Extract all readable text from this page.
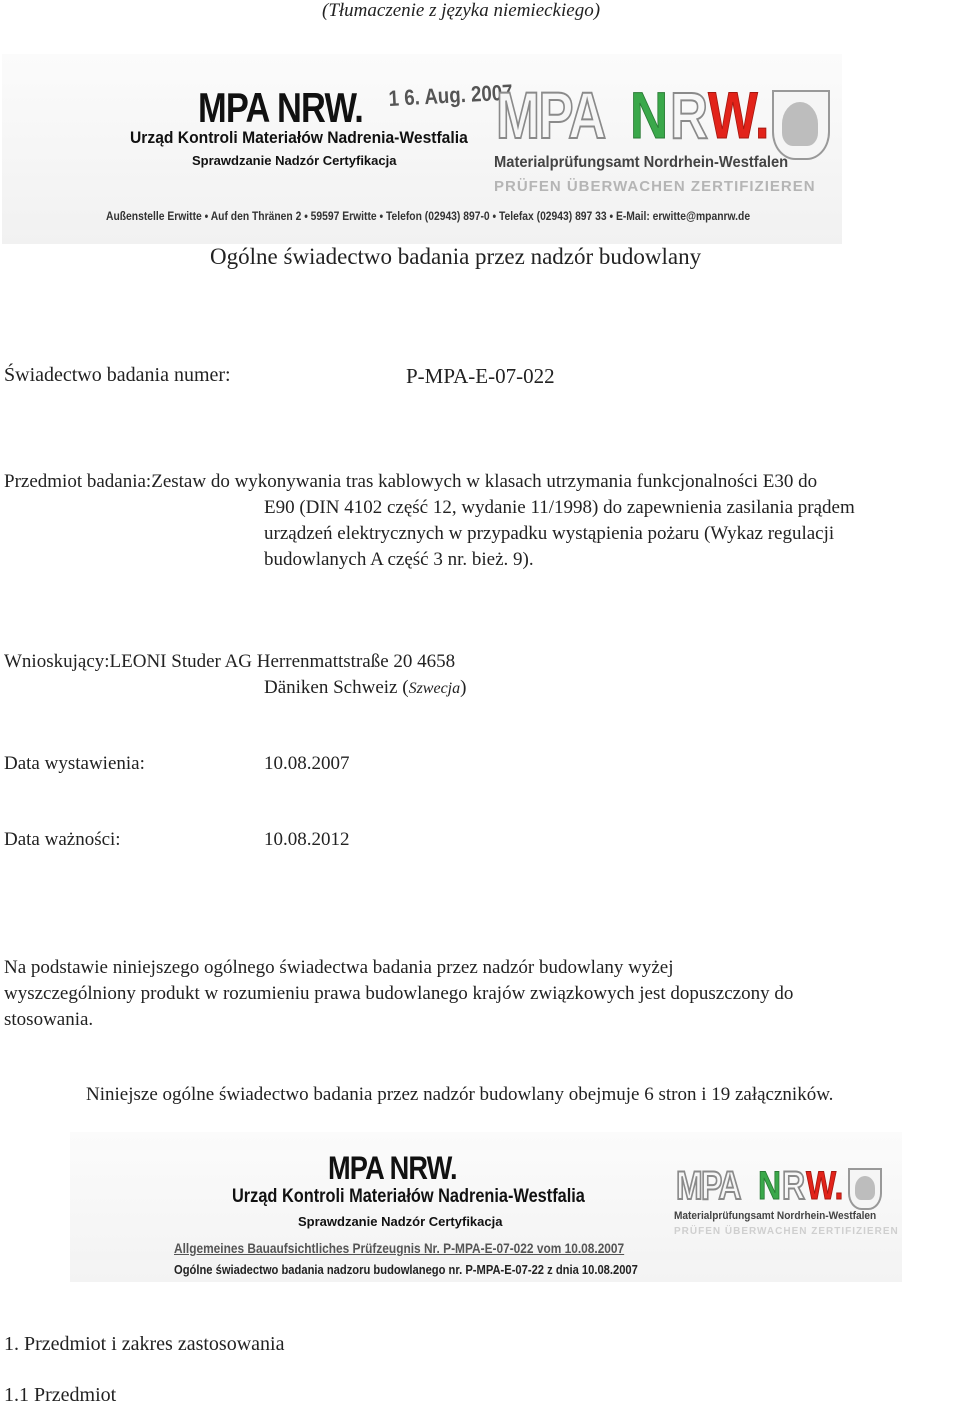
(Tłumaczenie z języka niemieckiego)
MPA NRW. 1 6. Aug. 2007
Urząd Kontroli Materiałów Nadrenia-Westfalia
Sprawdzanie Nadzór Certyfikacja
MPA N R W.
Materialprüfungsamt Nordrhein-Westfalen
PRÜFEN ÜBERWACHEN ZERTIFIZIEREN
Außenstelle Erwitte • Auf den Thränen 2 • 59597 Erwitte • Telefon (02943) 897-0 • Telefax (02943) 897 33 • E-Mail: erwitte@mpanrw.de
Ogólne świadectwo badania przez nadzór budowlany
Świadectwo badania numer:	P-MPA-E-07-022
Przedmiot badania:Zestaw do wykonywania tras kablowych w klasach utrzymania funkcjonalności E30 do
E90 (DIN 4102 część 12, wydanie 11/1998) do zapewnienia zasilania prądem
urządzeń elektrycznych w przypadku wystąpienia pożaru (Wykaz regulacji
budowlanych A część 3 nr. bież. 9).
Wnioskujący:LEONI Studer AG Herrenmattstraße 20 4658
Däniken Schweiz (Szwecja)
Data wystawienia:	10.08.2007
Data ważności:	10.08.2012
Na podstawie niniejszego ogólnego świadectwa badania przez nadzór budowlany wyżej
wyszczególniony produkt w rozumieniu prawa budowlanego krajów związkowych jest dopuszczony do
stosowania.
Niniejsze ogólne świadectwo badania przez nadzór budowlany obejmuje 6 stron i 19 załączników.
MPA NRW.
Urząd Kontroli Materiałów Nadrenia-Westfalia
Sprawdzanie Nadzór Certyfikacja
MPA N R W.
Materialprüfungsamt Nordrhein-Westfalen
PRÜFEN ÜBERWACHEN ZERTIFIZIEREN
Allgemeines Bauaufsichtliches Prüfzeugnis Nr. P-MPA-E-07-022 vom 10.08.2007
Ogólne świadectwo badania nadzoru budowlanego nr. P-MPA-E-07-22 z dnia 10.08.2007
1. Przedmiot i zakres zastosowania
1.1 Przedmiot
